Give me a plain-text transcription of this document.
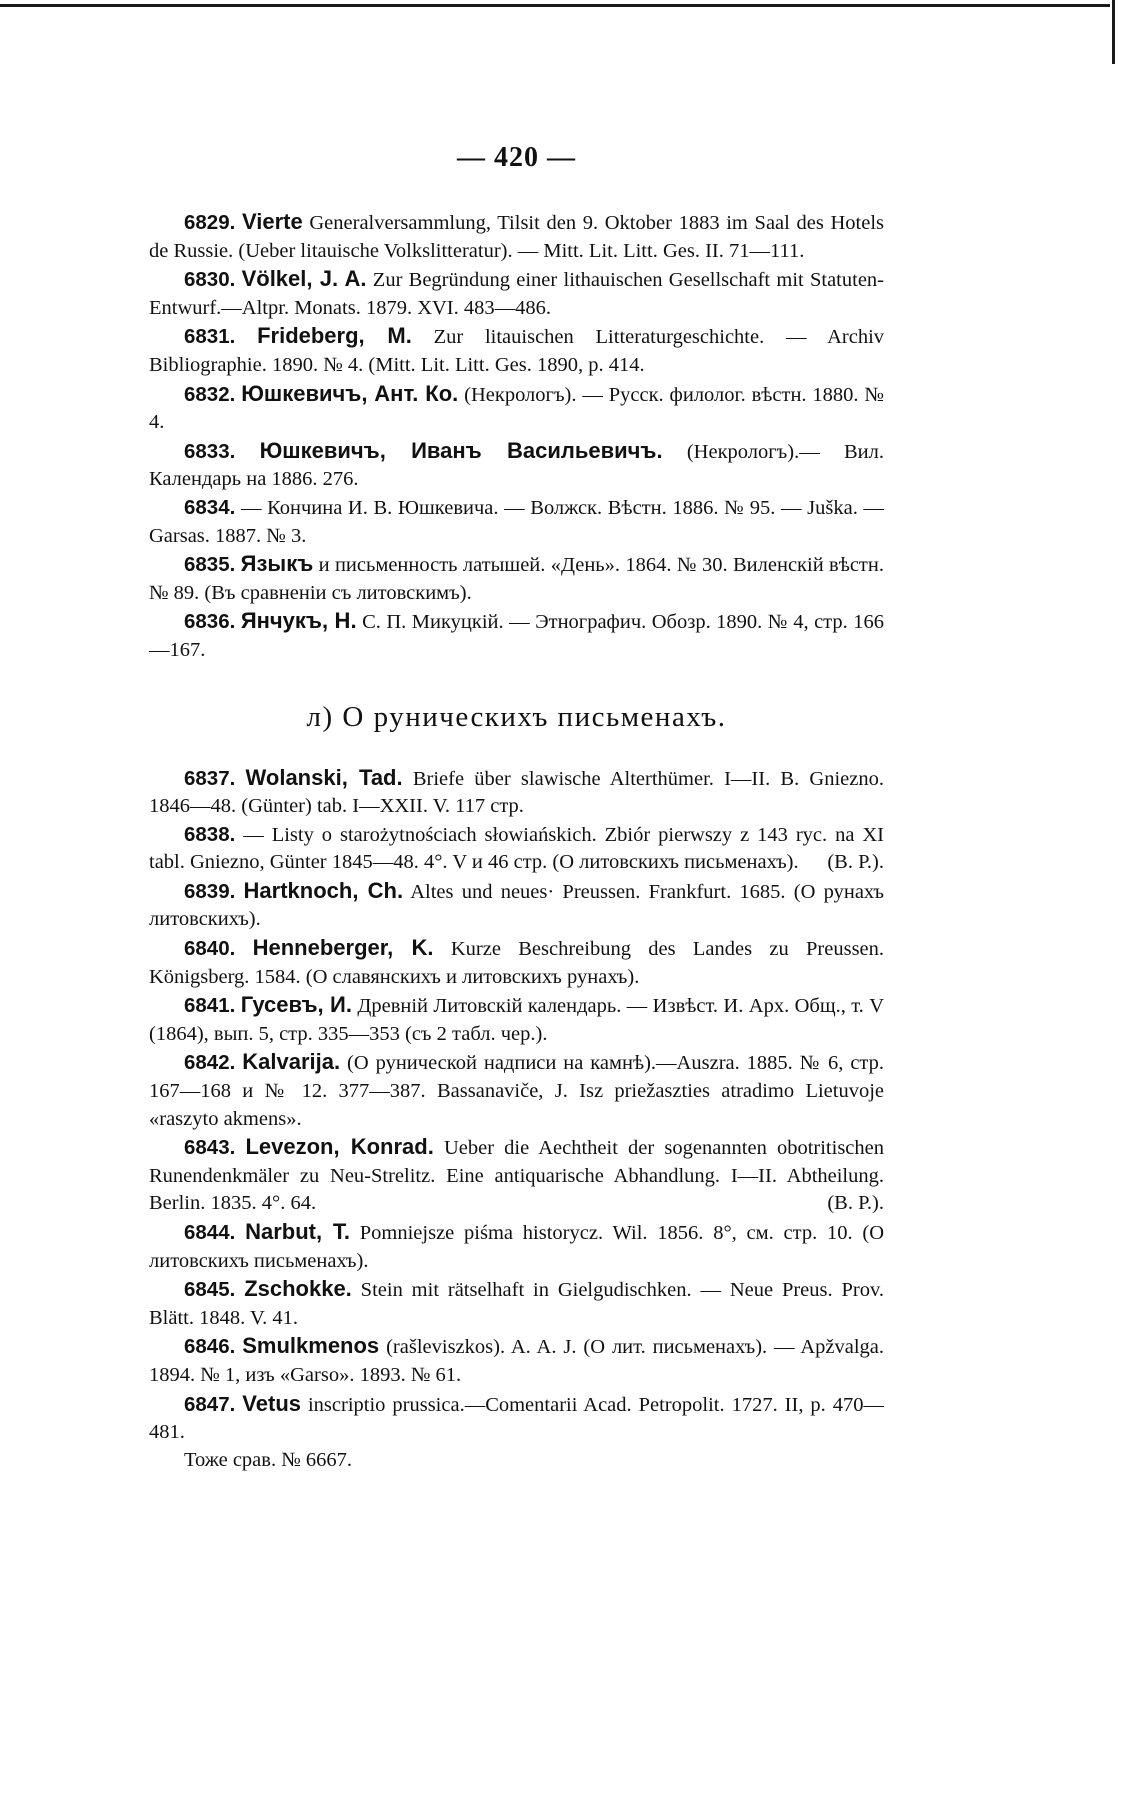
— 420 —

6829. Vierte Generalversammlung, Tilsit den 9. Oktober 1883 im Saal des Hotels de Russie. (Ueber litauische Volkslitteratur). — Mitt. Lit. Litt. Ges. II. 71—111.

6830. Völkel, J. A. Zur Begründung einer lithauischen Gesellschaft mit Statuten-Entwurf.—Altpr. Monats. 1879. XVI. 483—486.

6831. Frideberg, M. Zur litauischen Litteraturgeschichte. — Archiv Bibliographie. 1890. № 4. (Mitt. Lit. Litt. Ges. 1890, p. 414.

6832. Юшкевичъ, Ант. Ко. (Некрологъ). — Русск. филолог. вѣстн. 1880. № 4.

6833. Юшкевичъ, Иванъ Васильевичъ. (Некрологъ).— Вил. Календарь на 1886. 276.

6834. — Кончина И. В. Юшкевича. — Волжск. Вѣстн. 1886. № 95. — Juška. — Garsas. 1887. № 3.

6835. Языкъ и письменность латышей. «День». 1864. № 30. Виленскій вѣстн. № 89. (Въ сравненіи съ литовскимъ).

6836. Янчукъ, Н. С. П. Микуцкій. — Этнографич. Обозр. 1890. № 4, стр. 166—167.

л) О руническихъ письменахъ.

6837. Wolanski, Tad. Briefe über slawische Alterthümer. I—II. B. Gniezno. 1846—48. (Günter) tab. I—XXII. V. 117 стр.

6838. — Listy o starożytnościach słowiańskich. Zbiór pierwszy z 143 ryc. na XI tabl. Gniezno, Günter 1845—48. 4°. V и 46 стр. (О литовскихъ письменахъ). (В. Р.).

6839. Hartknoch, Ch. Altes und neues· Preussen. Frankfurt. 1685. (О рунахъ литовскихъ).

6840. Henneberger, K. Kurze Beschreibung des Landes zu Preussen. Königsberg. 1584. (О славянскихъ и литовскихъ рунахъ).

6841. Гусевъ, И. Древній Литовскій календарь. — Извѣст. И. Арх. Общ., т. V (1864), вып. 5, стр. 335—353 (съ 2 табл. чер.).

6842. Kalvarija. (О рунической надписи на камнѣ).—Auszra. 1885. № 6, стр. 167—168 и № 12. 377—387. Bassanaviče, J. Isz priežaszties atradimo Lietuvoje «raszyto akmens».

6843. Levezon, Konrad. Ueber die Aechtheit der sogenannten obotritischen Runendenkmäler zu Neu-Strelitz. Eine antiquarische Abhandlung. I—II. Abtheilung. Berlin. 1835. 4°. 64.	(В. Р.).

6844. Narbut, T. Pomniejsze piśma historycz. Wil. 1856. 8°, см. стр. 10. (О литовскихъ письменахъ).

6845. Zschokke. Stein mit rätselhaft in Gielgudischken. — Neue Preus. Prov. Blätt. 1848. V. 41.

6846. Smulkmenos (rašleviszkos). A. A. J. (О лит. письменахъ). — Apžvalga. 1894. № 1, изъ «Garso». 1893. № 61.

6847. Vetus inscriptio prussica.—Comentarii Acad. Petropolit. 1727. II, p. 470—481.

Тоже срав. № 6667.
